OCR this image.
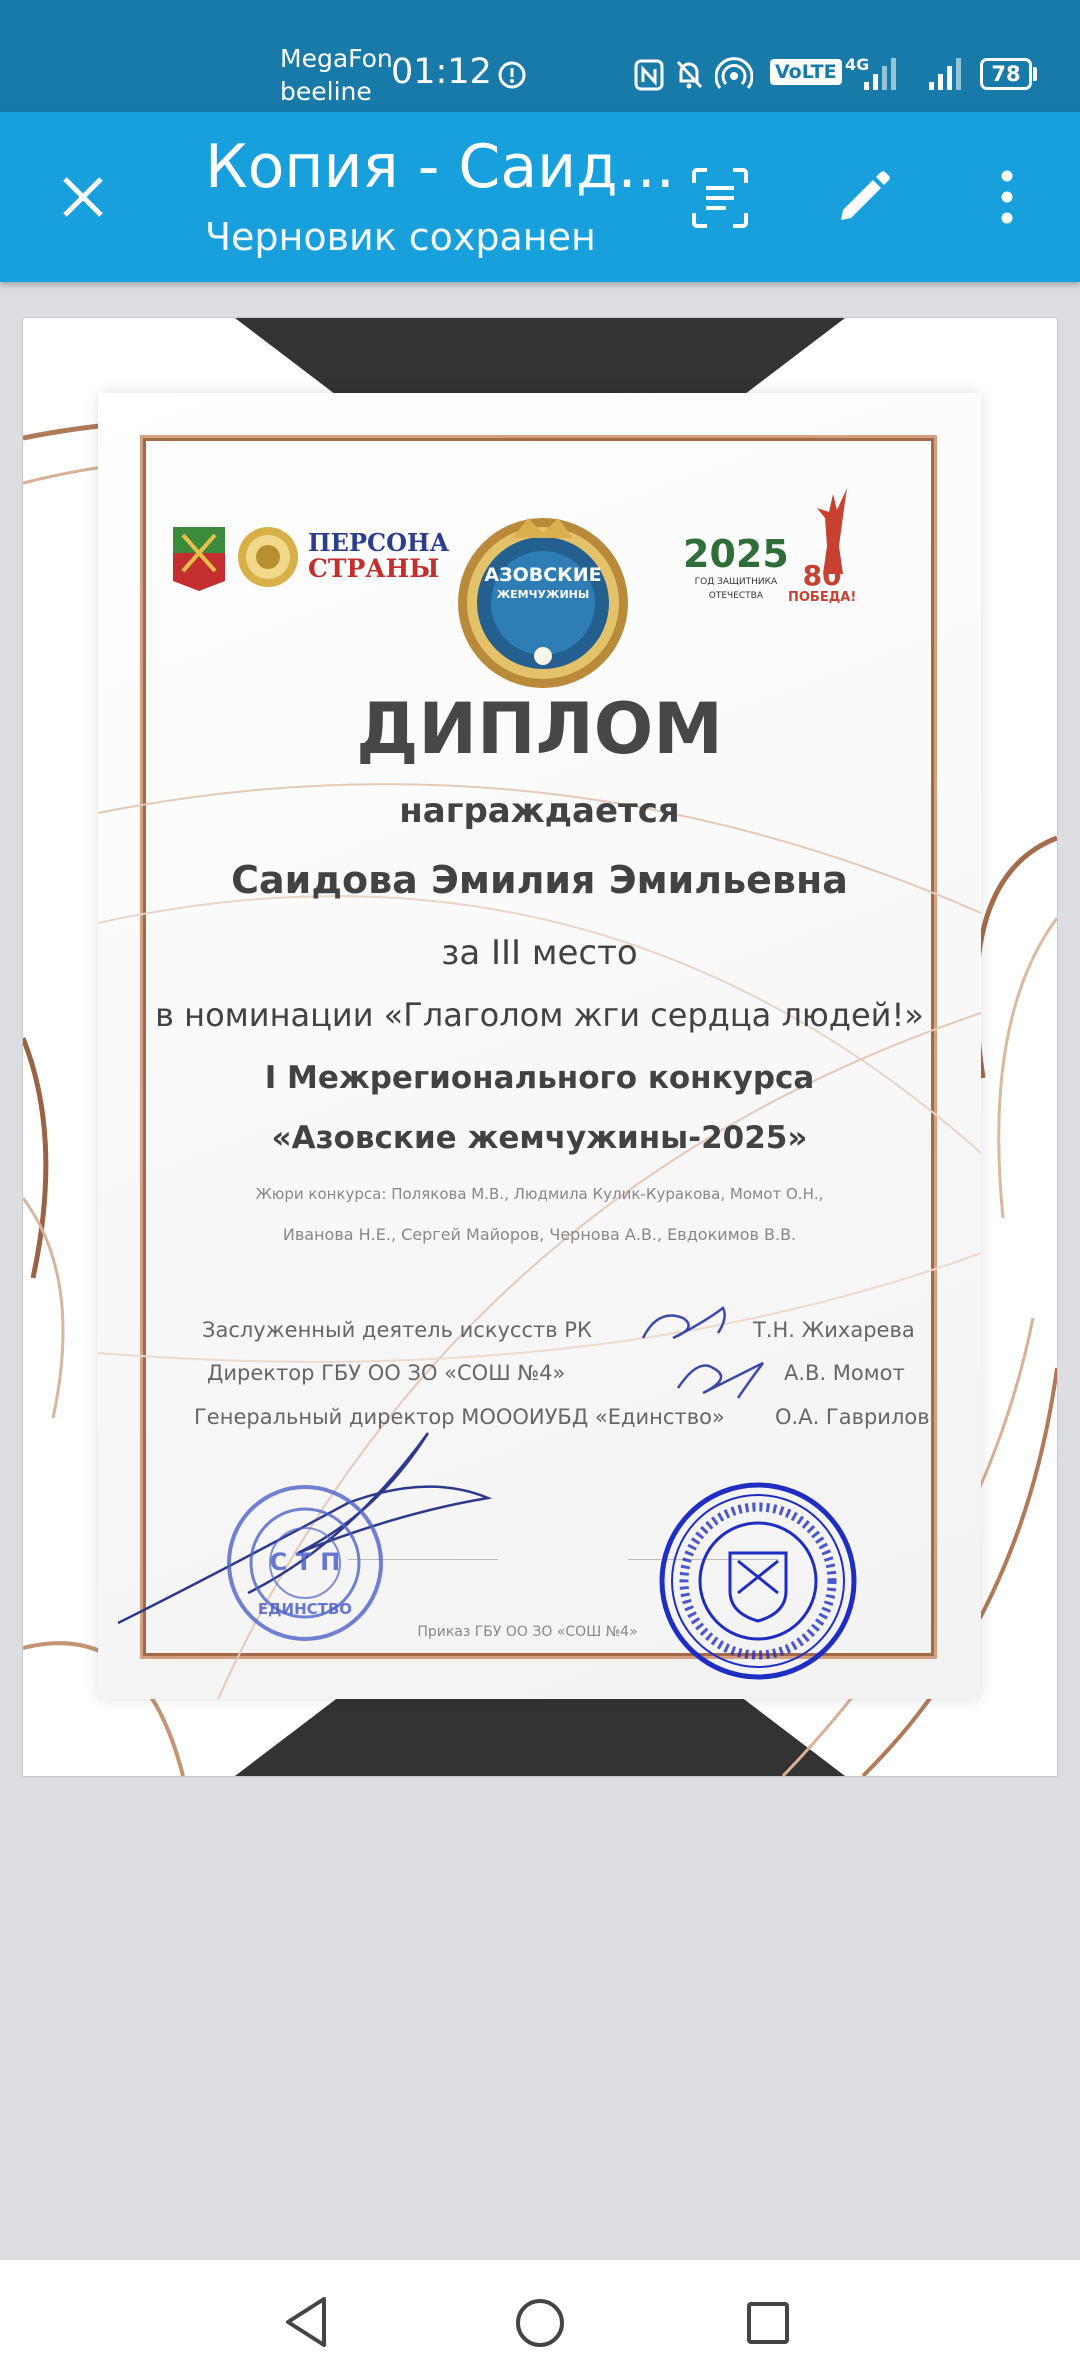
MegaFon
beeline 01:12	VoLTE 4G	78
Копия - Саид...
Черновик сохранен
ПЕРСОНА
СТРАНЫ	АЗОВСКИЕ
ЖЕМЧУЖИНЫ
2025
ГОД ЗАЩИТНИКА
ОТЕЧЕСТВА
80
ПОБЕДА!
ДИПЛОМ
награждается
Саидова Эмилия Эмильевна
за III место
в номинации «Глаголом жги сердца людей!»
I Межрегионального конкурса
«Азовские жемчужины-2025»
Жюри конкурса: Полякова М.В., Людмила Кулик-Куракова, Момот О.Н.,
Иванова Н.Е., Сергей Майоров, Чернова А.В., Евдокимов В.В.
Заслуженный деятель искусств РК	Т.Н. Жихарева
Директор ГБУ ОО ЗО «СОШ №4»	А.В. Момот
Генеральный директор МОООИУБД «Единство» О.А. Гаврилов
С Т П
ЕДИНСТВО
Приказ ГБУ ОО ЗО «СОШ №4»
